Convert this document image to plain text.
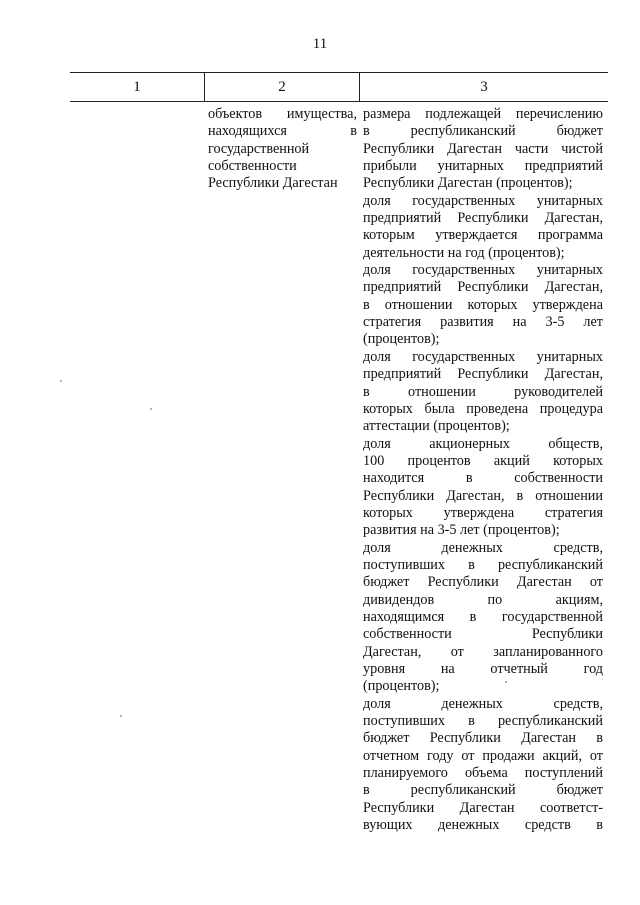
11
1	2	3
объектов имущества,
находящихся в
государственной
собственности
Республики Дагестан
размера подлежащей перечислению
в республиканский бюджет
Республики Дагестан части чистой
прибыли унитарных предприятий
Республики Дагестан (процентов);
доля государственных унитарных
предприятий Республики Дагестан,
которым утверждается программа
деятельности на год (процентов);
доля государственных унитарных
предприятий Республики Дагестан,
в отношении которых утверждена
стратегия развития на 3-5 лет
(процентов);
доля государственных унитарных
предприятий Республики Дагестан,
в отношении руководителей
которых была проведена процедура
аттестации (процентов);
доля акционерных обществ,
100 процентов акций которых
находится в собственности
Республики Дагестан, в отношении
которых утверждена стратегия
развития на 3-5 лет (процентов);
доля денежных средств,
поступивших в республиканский
бюджет Республики Дагестан от
дивидендов по акциям,
находящимся в государственной
собственности Республики
Дагестан, от запланированного
уровня на отчетный год
(процентов);
доля денежных средств,
поступивших в республиканский
бюджет Республики Дагестан в
отчетном году от продажи акций, от
планируемого объема поступлений
в республиканский бюджет
Республики Дагестан соответст-
вующих денежных средств в
